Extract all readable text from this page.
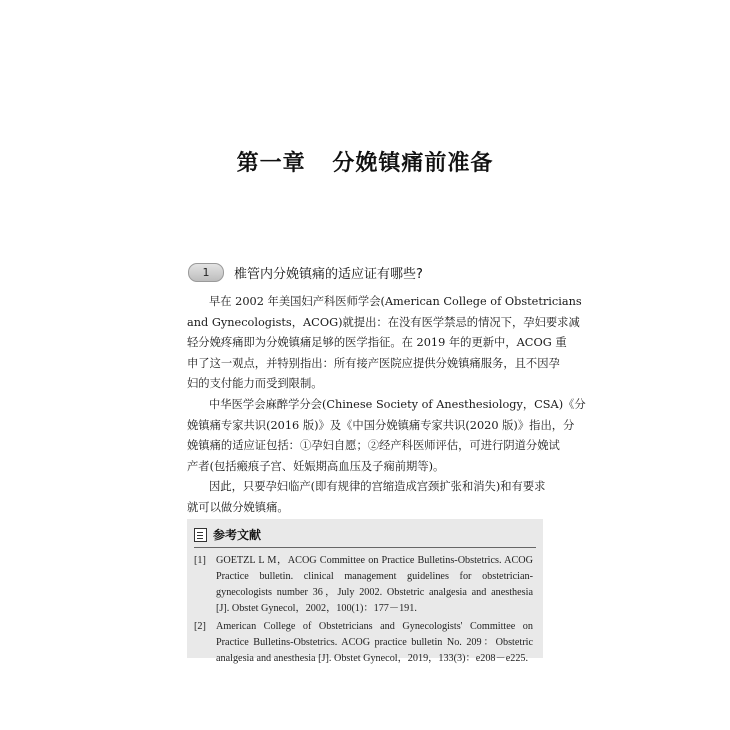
第一章 分娩镇痛前准备
1	椎管内分娩镇痛的适应证有哪些?
早在 2002 年美国妇产科医师学会(American College of Obstetricians
and Gynecologists，ACOG)就提出：在没有医学禁忌的情况下，孕妇要求减
轻分娩疼痛即为分娩镇痛足够的医学指征。在 2019 年的更新中，ACOG 重
申了这一观点，并特别指出：所有接产医院应提供分娩镇痛服务，且不因孕
妇的支付能力而受到限制。
中华医学会麻醉学分会(Chinese Society of Anesthesiology，CSA)《分
娩镇痛专家共识(2016 版)》及《中国分娩镇痛专家共识(2020 版)》指出，分
娩镇痛的适应证包括：①孕妇自愿；②经产科医师评估，可进行阴道分娩试
产者(包括瘢痕子宫、妊娠期高血压及子痫前期等)。
因此，只要孕妇临产(即有规律的宫缩造成宫颈扩张和消失)和有要求
就可以做分娩镇痛。
参考文献
[1] GOETZL L M，ACOG Committee on Practice Bulletins-Obstetrics. ACOG
Practice bulletin. clinical management guidelines for obstetrician-
gynecologists number 36，July 2002. Obstetric analgesia and anesthesia
[J]. Obstet Gynecol，2002，100(1)：177－191.
[2] American College of Obstetricians and Gynecologists' Committee on
Practice Bulletins-Obstetrics. ACOG practice bulletin No. 209：Obstetric
analgesia and anesthesia [J]. Obstet Gynecol，2019，133(3)：e208－e225.
